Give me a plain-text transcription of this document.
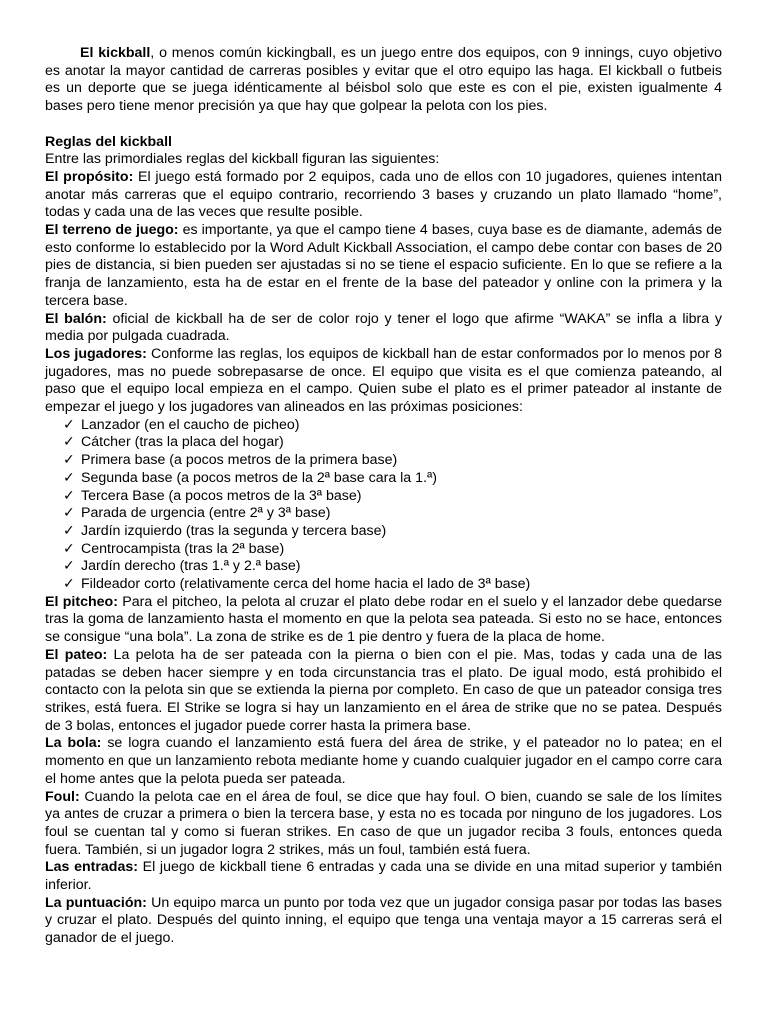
El kickball, o menos común kickingball, es un juego entre dos equipos, con 9 innings, cuyo objetivo es anotar la mayor cantidad de carreras posibles y evitar que el otro equipo las haga. El kickball o futbeis es un deporte que se juega idénticamente al béisbol solo que este es con el pie, existen igualmente 4 bases pero tiene menor precisión ya que hay que golpear la pelota con los pies.

Reglas del kickball

Entre las primordiales reglas del kickball figuran las siguientes:

El propósito: El juego está formado por 2 equipos, cada uno de ellos con 10 jugadores, quienes intentan anotar más carreras que el equipo contrario, recorriendo 3 bases y cruzando un plato llamado “home”, todas y cada una de las veces que resulte posible.

El terreno de juego: es importante, ya que el campo tiene 4 bases, cuya base es de diamante, además de esto conforme lo establecido por la Word Adult Kickball Association, el campo debe contar con bases de 20 pies de distancia, si bien pueden ser ajustadas si no se tiene el espacio suficiente. En lo que se refiere a la franja de lanzamiento, esta ha de estar en el frente de la base del pateador y online con la primera y la tercera base.

El balón: oficial de kickball ha de ser de color rojo y tener el logo que afirme “WAKA” se infla a libra y media por pulgada cuadrada.

Los jugadores: Conforme las reglas, los equipos de kickball han de estar conformados por lo menos por 8 jugadores, mas no puede sobrepasarse de once. El equipo que visita es el que comienza pateando, al paso que el equipo local empieza en el campo. Quien sube el plato es el primer pateador al instante de empezar el juego y los jugadores van alineados en las próximas posiciones:

✓ Lanzador (en el caucho de picheo)
✓ Cátcher (tras la placa del hogar)
✓ Primera base (a pocos metros de la primera base)
✓ Segunda base (a pocos metros de la 2ª base cara la 1.ª)
✓ Tercera Base (a pocos metros de la 3ª base)
✓ Parada de urgencia (entre 2ª y 3ª base)
✓ Jardín izquierdo (tras la segunda y tercera base)
✓ Centrocampista (tras la 2ª base)
✓ Jardín derecho (tras 1.ª y 2.ª base)
✓ Fildeador corto (relativamente cerca del home hacia el lado de 3ª base)

El pitcheo: Para el pitcheo, la pelota al cruzar el plato debe rodar en el suelo y el lanzador debe quedarse tras la goma de lanzamiento hasta el momento en que la pelota sea pateada. Si esto no se hace, entonces se consigue “una bola”. La zona de strike es de 1 pie dentro y fuera de la placa de home.

El pateo: La pelota ha de ser pateada con la pierna o bien con el pie. Mas, todas y cada una de las patadas se deben hacer siempre y en toda circunstancia tras el plato. De igual modo, está prohibido el contacto con la pelota sin que se extienda la pierna por completo. En caso de que un pateador consiga tres strikes, está fuera. El Strike se logra si hay un lanzamiento en el área de strike que no se patea. Después de 3 bolas, entonces el jugador puede correr hasta la primera base.

La bola: se logra cuando el lanzamiento está fuera del área de strike, y el pateador no lo patea; en el momento en que un lanzamiento rebota mediante home y cuando cualquier jugador en el campo corre cara el home antes que la pelota pueda ser pateada.

Foul: Cuando la pelota cae en el área de foul, se dice que hay foul. O bien, cuando se sale de los límites ya antes de cruzar a primera o bien la tercera base, y esta no es tocada por ninguno de los jugadores. Los foul se cuentan tal y como si fueran strikes. En caso de que un jugador reciba 3 fouls, entonces queda fuera. También, si un jugador logra 2 strikes, más un foul, también está fuera.

Las entradas: El juego de kickball tiene 6 entradas y cada una se divide en una mitad superior y también inferior.

La puntuación: Un equipo marca un punto por toda vez que un jugador consiga pasar por todas las bases y cruzar el plato. Después del quinto inning, el equipo que tenga una ventaja mayor a 15 carreras será el ganador de el juego.
